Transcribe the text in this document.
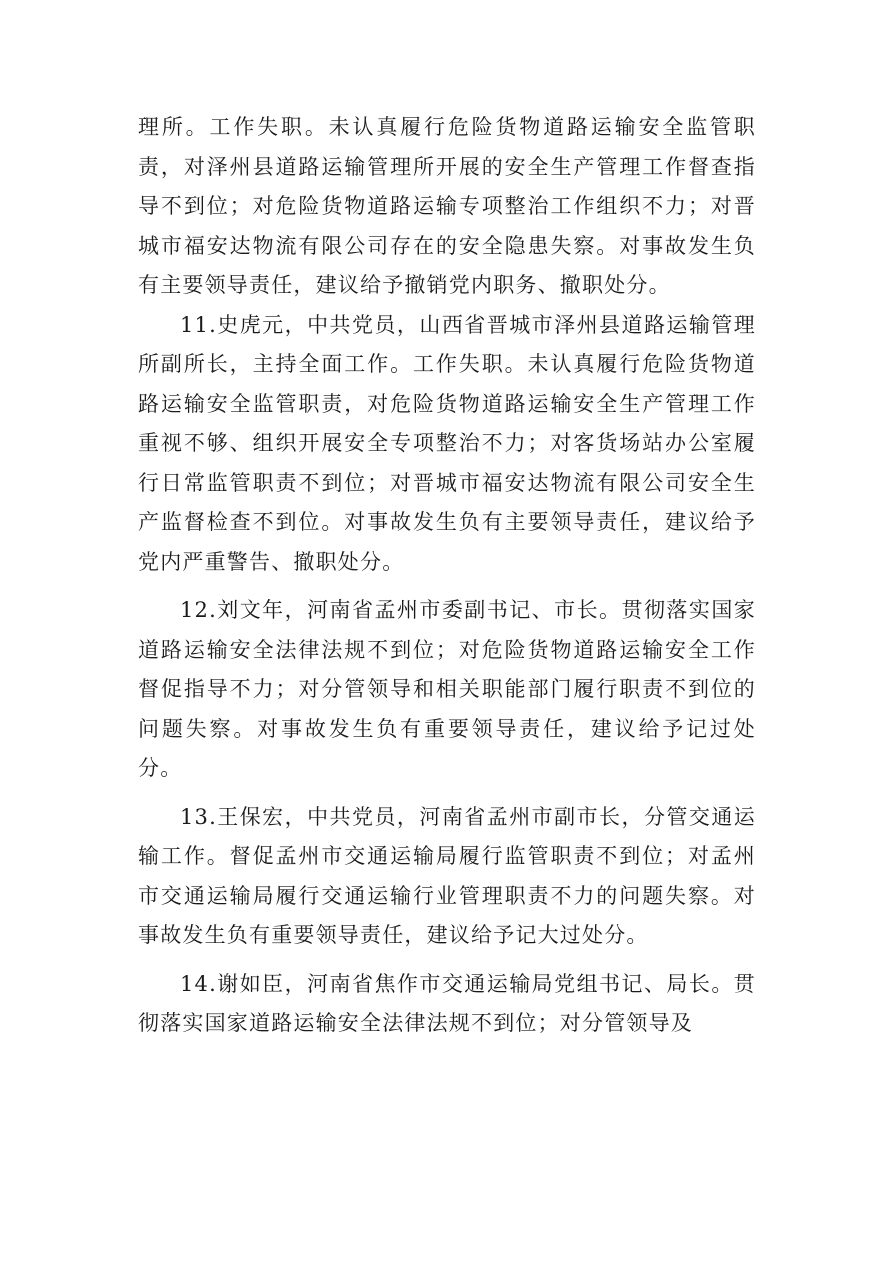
理所。工作失职。未认真履行危险货物道路运输安全监管职责，对泽州县道路运输管理所开展的安全生产管理工作督查指导不到位；对危险货物道路运输专项整治工作组织不力；对晋城市福安达物流有限公司存在的安全隐患失察。对事故发生负有主要领导责任，建议给予撤销党内职务、撤职处分。

11.史虎元，中共党员，山西省晋城市泽州县道路运输管理所副所长，主持全面工作。工作失职。未认真履行危险货物道路运输安全监管职责，对危险货物道路运输安全生产管理工作重视不够、组织开展安全专项整治不力；对客货场站办公室履行日常监管职责不到位；对晋城市福安达物流有限公司安全生产监督检查不到位。对事故发生负有主要领导责任，建议给予党内严重警告、撤职处分。

12.刘文年，河南省孟州市委副书记、市长。贯彻落实国家道路运输安全法律法规不到位；对危险货物道路运输安全工作督促指导不力；对分管领导和相关职能部门履行职责不到位的问题失察。对事故发生负有重要领导责任，建议给予记过处分。

13.王保宏，中共党员，河南省孟州市副市长，分管交通运输工作。督促孟州市交通运输局履行监管职责不到位；对孟州市交通运输局履行交通运输行业管理职责不力的问题失察。对事故发生负有重要领导责任，建议给予记大过处分。

14.谢如臣，河南省焦作市交通运输局党组书记、局长。贯彻落实国家道路运输安全法律法规不到位；对分管领导及
